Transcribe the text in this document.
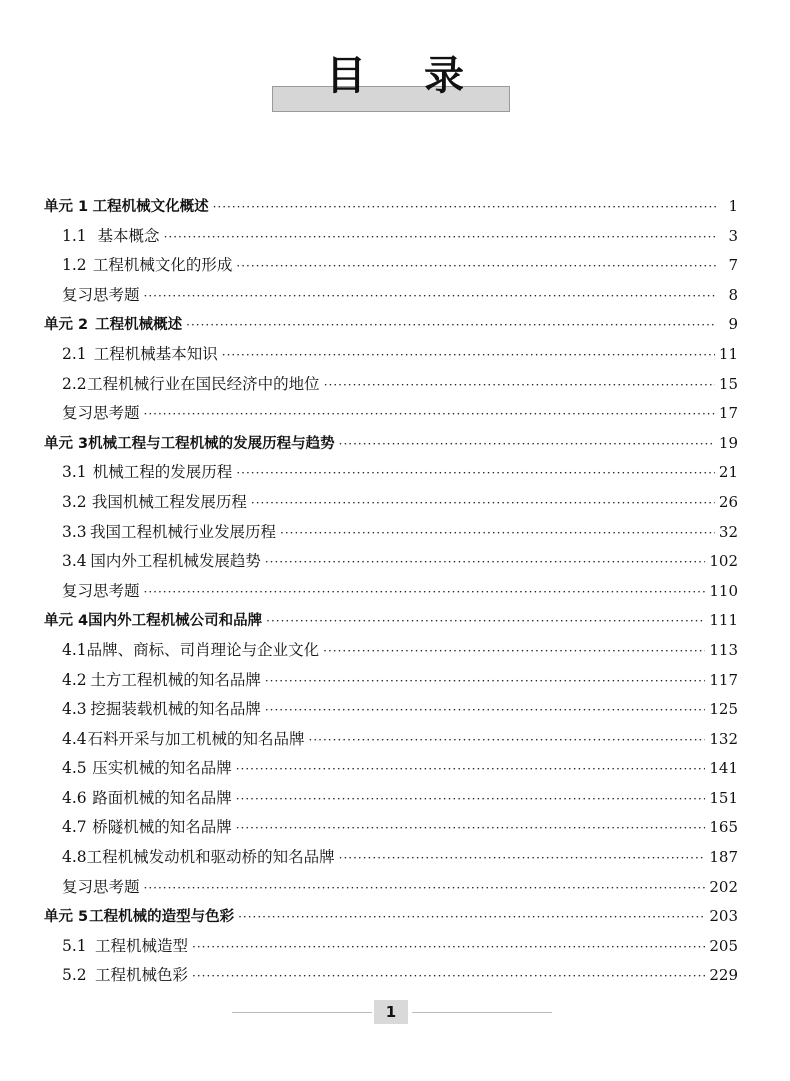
目录
单元 1 工程机械文化概述 ·····	1
1.1 基本概念 ·····	3
1.2 工程机械文化的形成 ·····	7
复习思考题 ·····	8
单元 2 工程机械概述 ·····	9
2.1 工程机械基本知识 ·····	11
2.2 工程机械行业在国民经济中的地位 ·····	15
复习思考题 ·····	17
单元 3 机械工程与工程机械的发展历程与趋势 ·····	19
3.1 机械工程的发展历程 ·····	21
3.2 我国机械工程发展历程 ·····	26
3.3 我国工程机械行业发展历程 ·····	32
3.4 国内外工程机械发展趋势 ·····	102
复习思考题 ·····	110
单元 4 国内外工程机械公司和品牌 ·····	111
4.1 品牌、商标、司肖理论与企业文化 ·····	113
4.2 土方工程机械的知名品牌 ·····	117
4.3 挖掘装载机械的知名品牌 ·····	125
4.4 石料开采与加工机械的知名品牌 ·····	132
4.5 压实机械的知名品牌 ·····	141
4.6 路面机械的知名品牌 ·····	151
4.7 桥隧机械的知名品牌 ·····	165
4.8 工程机械发动机和驱动桥的知名品牌 ·····	187
复习思考题 ·····	202
单元 5 工程机械的造型与色彩 ·····	203
5.1 工程机械造型 ·····	205
5.2 工程机械色彩 ·····	229
1
